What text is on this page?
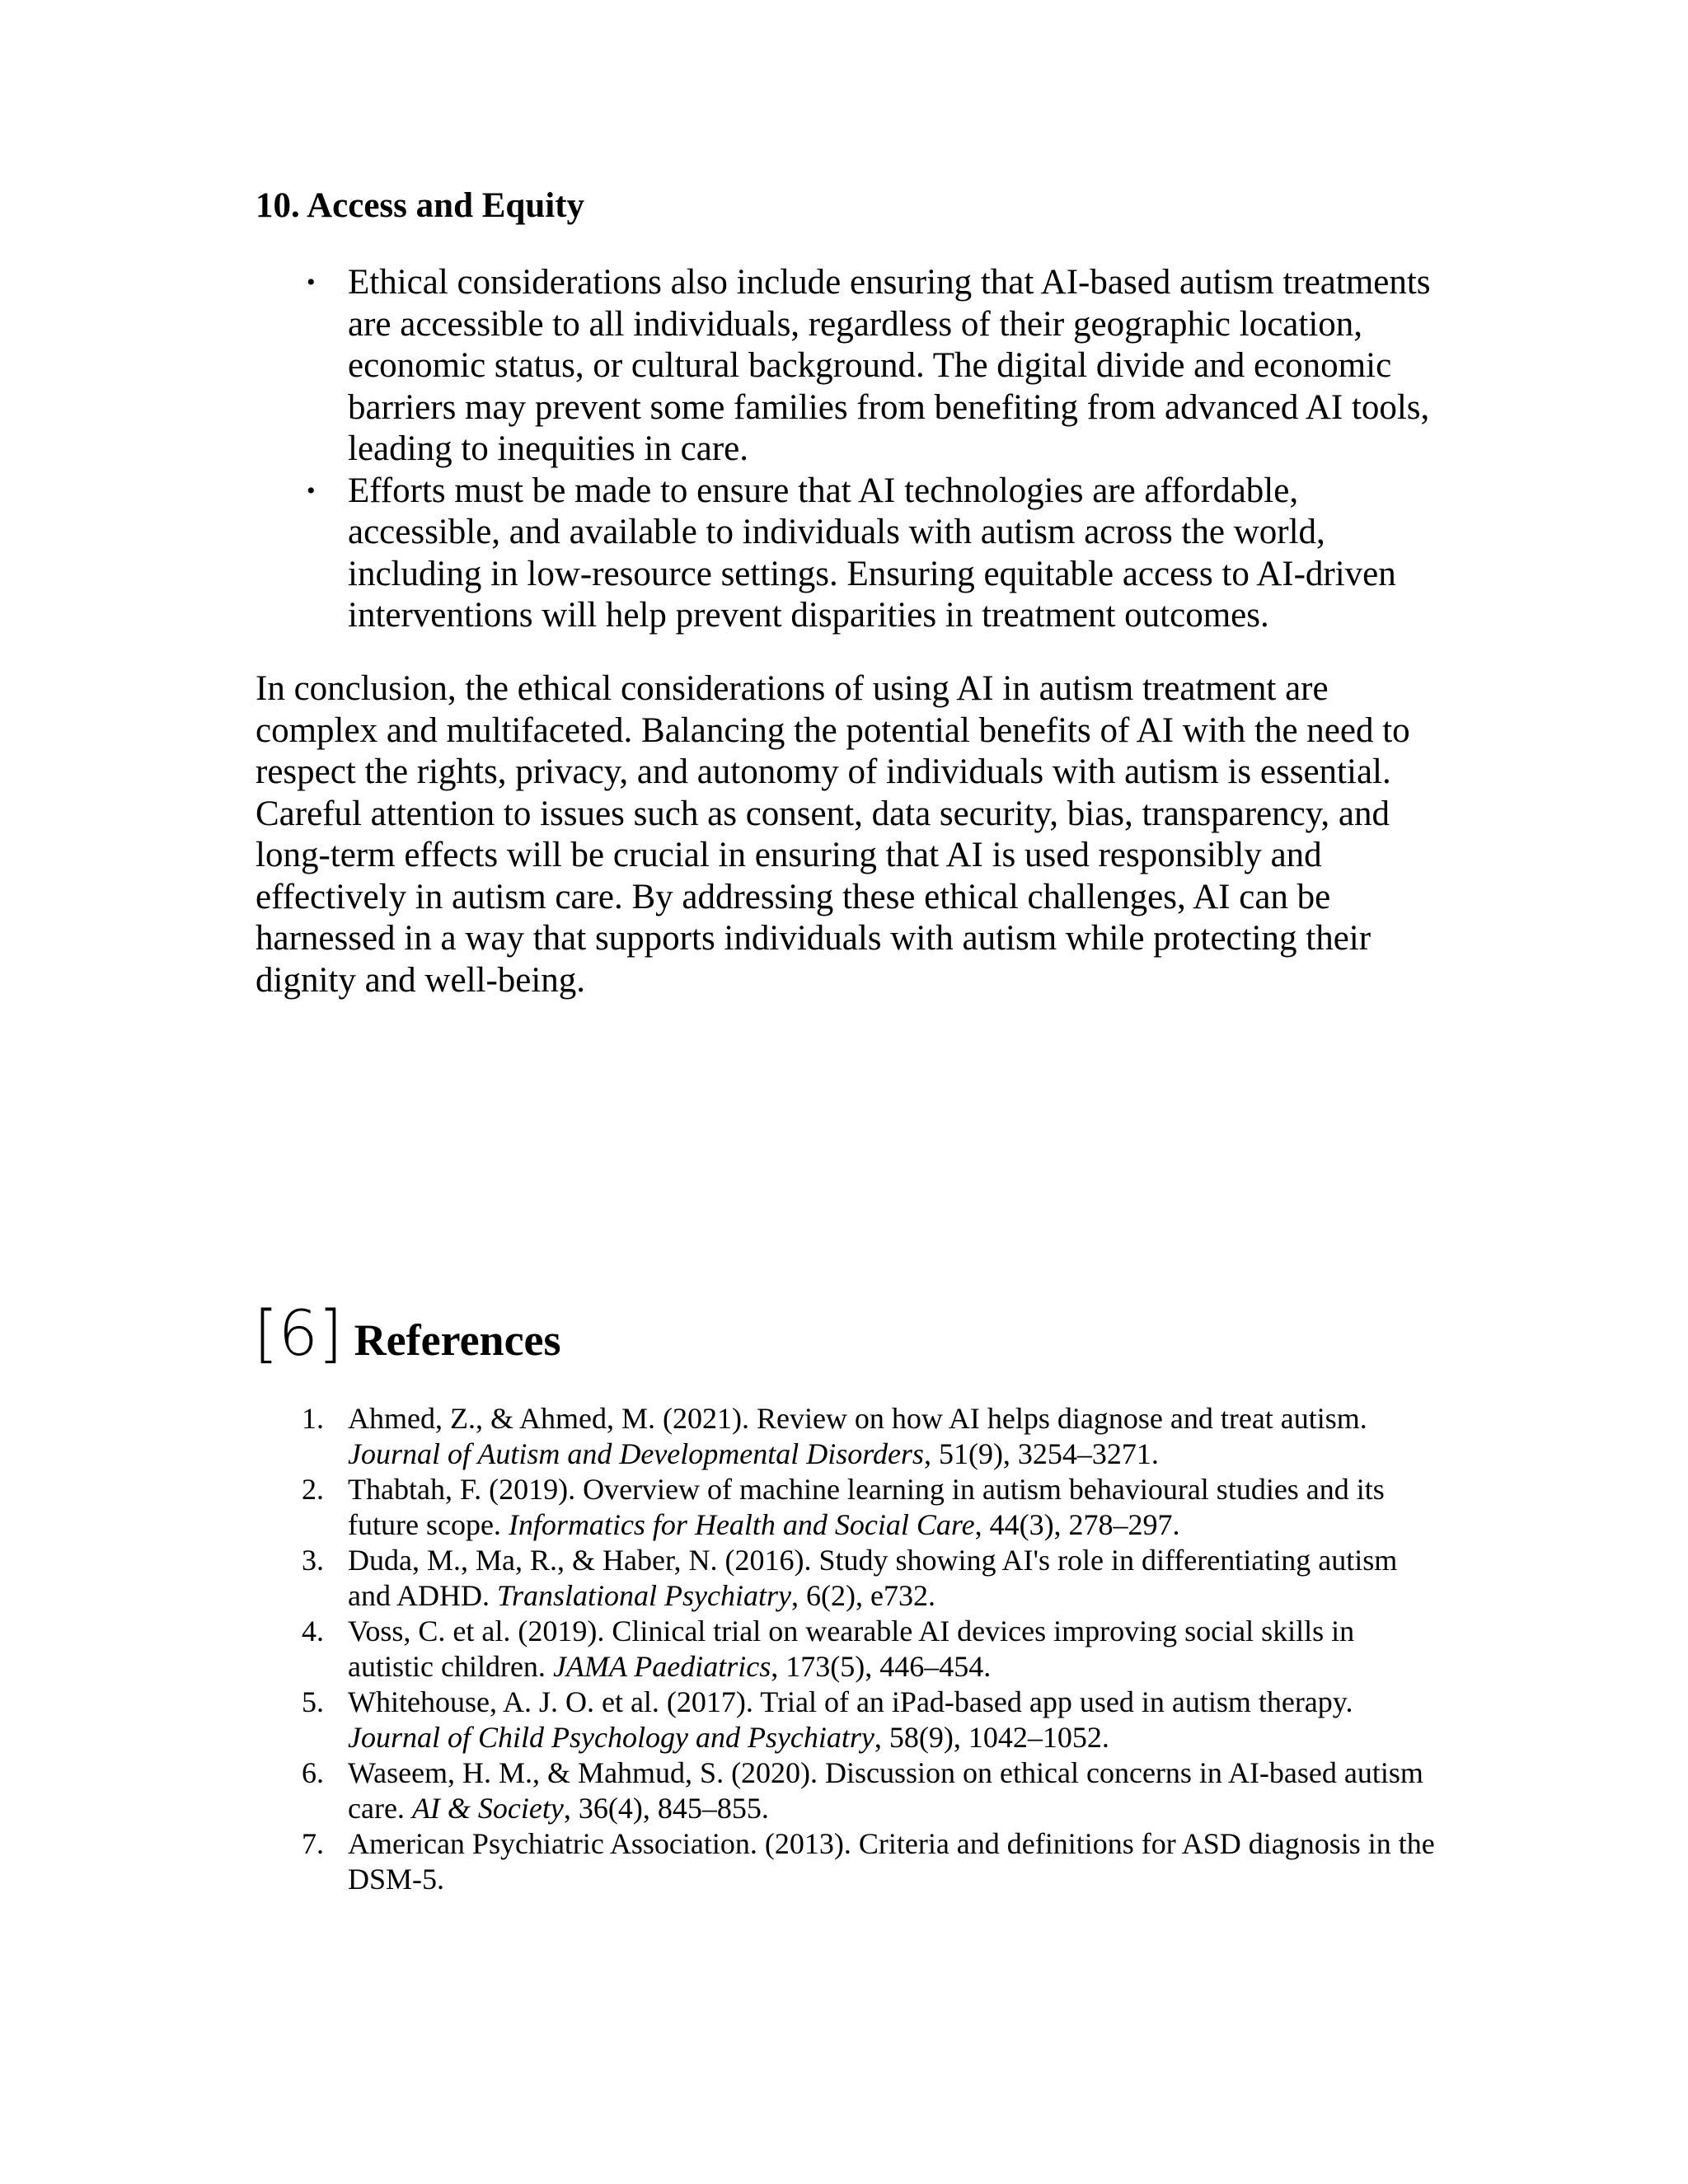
10. Access and Equity
• Ethical considerations also include ensuring that AI-based autism treatments are accessible to all individuals, regardless of their geographic location, economic status, or cultural background. The digital divide and economic barriers may prevent some families from benefiting from advanced AI tools, leading to inequities in care.
• Efforts must be made to ensure that AI technologies are affordable, accessible, and available to individuals with autism across the world, including in low-resource settings. Ensuring equitable access to AI-driven interventions will help prevent disparities in treatment outcomes.

In conclusion, the ethical considerations of using AI in autism treatment are complex and multifaceted. Balancing the potential benefits of AI with the need to respect the rights, privacy, and autonomy of individuals with autism is essential. Careful attention to issues such as consent, data security, bias, transparency, and long-term effects will be crucial in ensuring that AI is used responsibly and effectively in autism care. By addressing these ethical challenges, AI can be harnessed in a way that supports individuals with autism while protecting their dignity and well-being.

[6] References
1. Ahmed, Z., & Ahmed, M. (2021). Review on how AI helps diagnose and treat autism. Journal of Autism and Developmental Disorders, 51(9), 3254–3271.
2. Thabtah, F. (2019). Overview of machine learning in autism behavioural studies and its future scope. Informatics for Health and Social Care, 44(3), 278–297.
3. Duda, M., Ma, R., & Haber, N. (2016). Study showing AI's role in differentiating autism and ADHD. Translational Psychiatry, 6(2), e732.
4. Voss, C. et al. (2019). Clinical trial on wearable AI devices improving social skills in autistic children. JAMA Paediatrics, 173(5), 446–454.
5. Whitehouse, A. J. O. et al. (2017). Trial of an iPad-based app used in autism therapy. Journal of Child Psychology and Psychiatry, 58(9), 1042–1052.
6. Waseem, H. M., & Mahmud, S. (2020). Discussion on ethical concerns in AI-based autism care. AI & Society, 36(4), 845–855.
7. American Psychiatric Association. (2013). Criteria and definitions for ASD diagnosis in the DSM-5.
